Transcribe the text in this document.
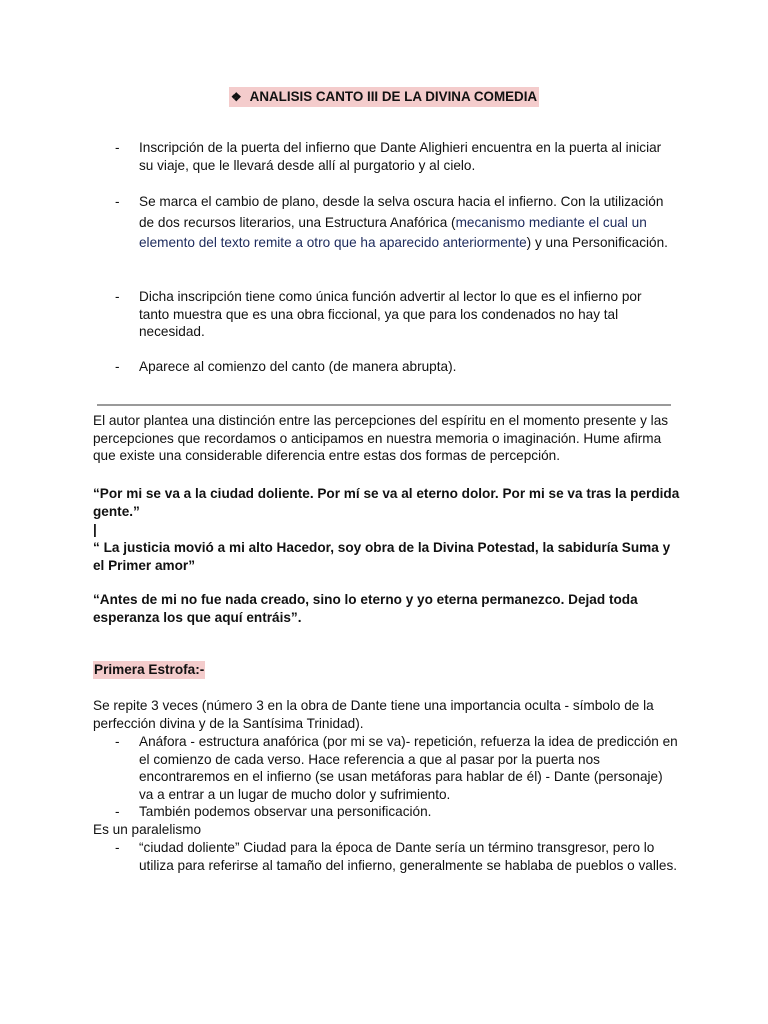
❖ ANALISIS CANTO III DE LA DIVINA COMEDIA
- Inscripción de la puerta del infierno que Dante Alighieri encuentra en la puerta al iniciar su viaje, que le llevará desde allí al purgatorio y al cielo.
- Se marca el cambio de plano, desde la selva oscura hacia el infierno. Con la utilización de dos recursos literarios, una Estructura Anafórica (mecanismo mediante el cual un elemento del texto remite a otro que ha aparecido anteriormente) y una Personificación.
- Dicha inscripción tiene como única función advertir al lector lo que es el infierno por tanto muestra que es una obra ficcional, ya que para los condenados no hay tal necesidad.
- Aparece al comienzo del canto (de manera abrupta).
El autor plantea una distinción entre las percepciones del espíritu en el momento presente y las percepciones que recordamos o anticipamos en nuestra memoria o imaginación. Hume afirma que existe una considerable diferencia entre estas dos formas de percepción.
“Por mi se va a la ciudad doliente. Por mí se va al eterno dolor. Por mi se va tras la perdida gente.”
|
“ La justicia movió a mi alto Hacedor, soy obra de la Divina Potestad, la sabiduría Suma y el Primer amor”
“Antes de mi no fue nada creado, sino lo eterno y yo eterna permanezco. Dejad toda esperanza los que aquí entráis”.
Primera Estrofa:-
Se repite 3 veces (número 3 en la obra de Dante tiene una importancia oculta - símbolo de la perfección divina y de la Santísima Trinidad).
- Anáfora - estructura anafórica (por mi se va)- repetición, refuerza la idea de predicción en el comienzo de cada verso. Hace referencia a que al pasar por la puerta nos encontraremos en el infierno (se usan metáforas para hablar de él) - Dante (personaje) va a entrar a un lugar de mucho dolor y sufrimiento.
- También podemos observar una personificación.
Es un paralelismo
- “ciudad doliente” Ciudad para la época de Dante sería un término transgresor, pero lo utiliza para referirse al tamaño del infierno, generalmente se hablaba de pueblos o valles.
